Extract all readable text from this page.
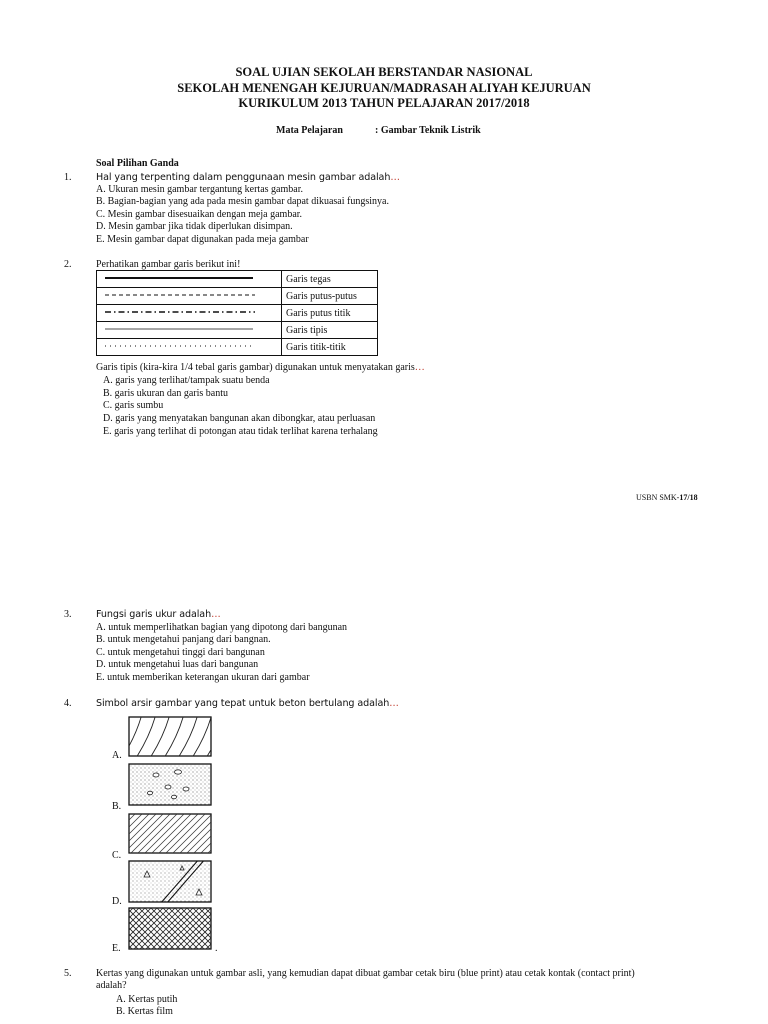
SOAL UJIAN SEKOLAH BERSTANDAR NASIONAL
SEKOLAH MENENGAH KEJURUAN/MADRASAH ALIYAH KEJURUAN
KURIKULUM 2013 TAHUN PELAJARAN 2017/2018
Mata Pelajaran	: Gambar Teknik Listrik
Soal Pilihan Ganda
1.	Hal yang terpenting dalam penggunaan mesin gambar adalah…
A. Ukuran mesin gambar tergantung kertas gambar.
B. Bagian-bagian yang ada pada mesin gambar dapat dikuasai fungsinya.
C. Mesin gambar disesuaikan dengan meja gambar.
D. Mesin gambar jika tidak diperlukan disimpan.
E. Mesin gambar dapat digunakan pada meja gambar
2. Perhatikan gambar garis berikut ini!
	Garis tegas
	Garis putus-putus
	Garis putus titik
	Garis tipis
	Garis titik-titik
Garis tipis (kira-kira 1/4 tebal garis gambar) digunakan untuk menyatakan garis…
A. garis yang terlihat/tampak suatu benda
B. garis ukuran dan garis bantu
C. garis sumbu
D. garis yang menyatakan bangunan akan dibongkar, atau perluasan
E. garis yang terlihat di potongan atau tidak terlihat karena terhalang
USBN SMK-17/18
3.	Fungsi garis ukur adalah…
A. untuk memperlihatkan bagian yang dipotong dari bangunan
B. untuk mengetahui panjang dari bangnan.
C. untuk mengetahui tinggi dari bangunan
D. untuk mengetahui luas dari bangunan
E. untuk memberikan keterangan ukuran dari gambar
4.	Simbol arsir gambar yang tepat untuk beton bertulang adalah…
A.
B.
C.
D.
E.	.
5. Kertas yang digunakan untuk gambar asli, yang kemudian dapat dibuat gambar cetak biru (blue print) atau cetak kontak (contact print)
adalah?
A. Kertas putih
B. Kertas film
